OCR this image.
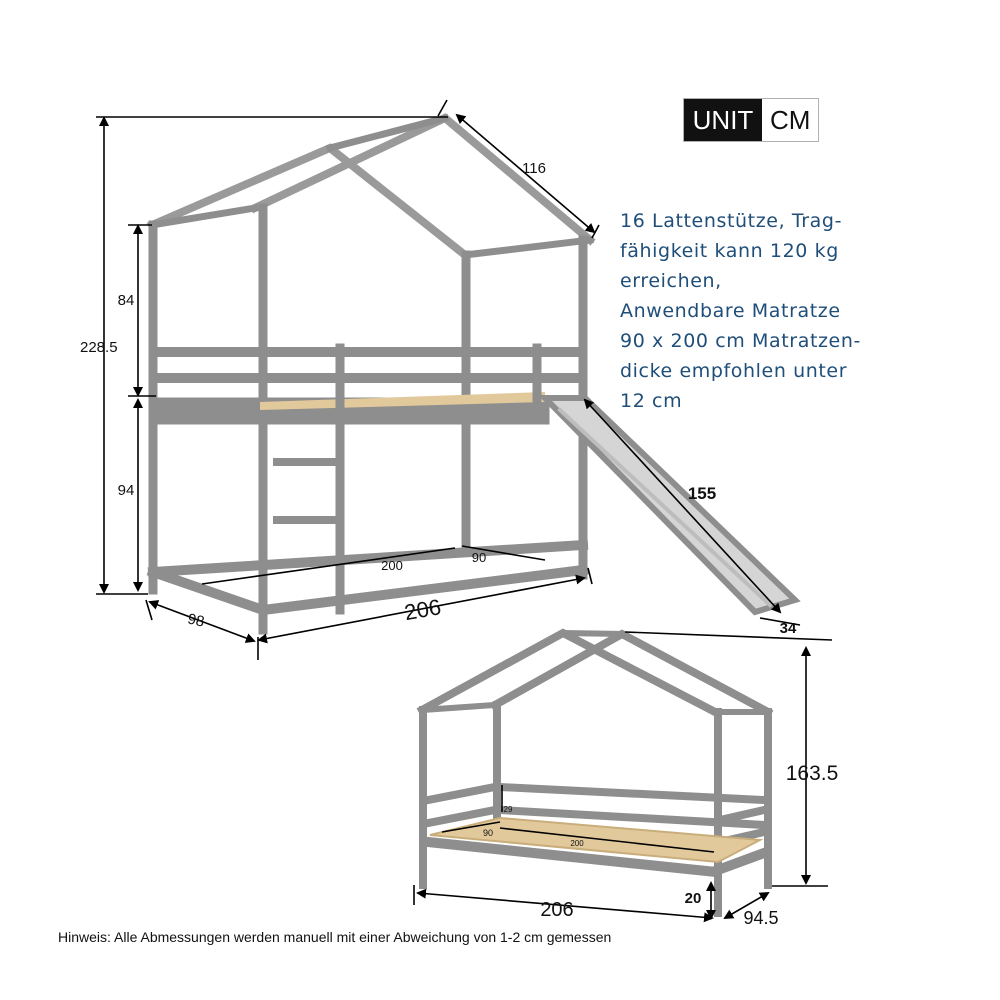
228.5
84
94
116
155
34
98	206
200
90
163.5
20
94.5
206
29
90
200
UNIT CM
16 Lattenstütze, Trag-
fähigkeit kann 120 kg
erreichen,
Anwendbare Matratze
90 x 200 cm Matratzen-
dicke empfohlen unter
12 cm
Hinweis: Alle Abmessungen werden manuell mit einer Abweichung von 1-2 cm gemessen
